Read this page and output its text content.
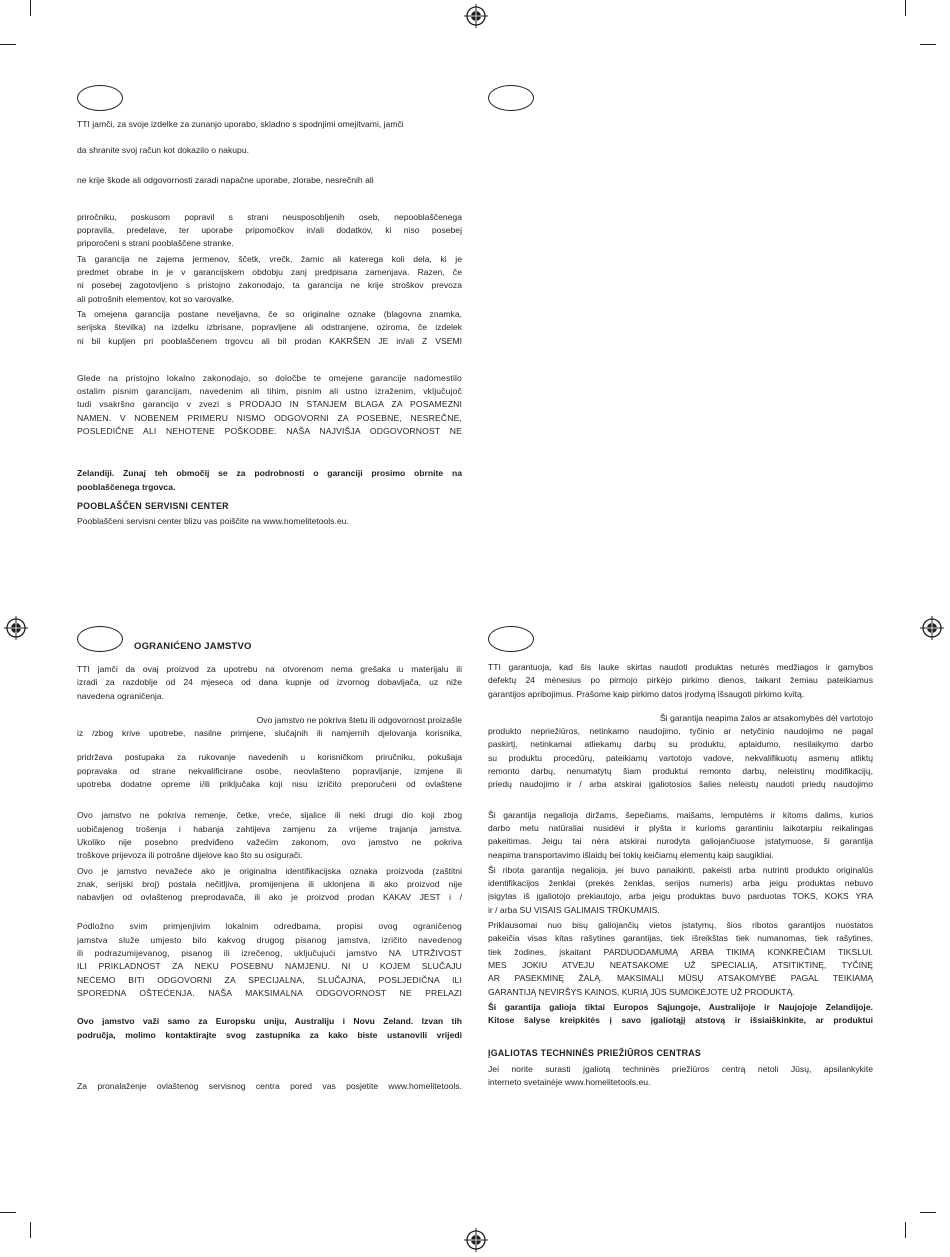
OGRANIĆENO JAMSTVO

TTI jamči, za svoje izdelke za zunanjo uporabo, skladno s spodnjimi omejitvami, jamči

da shranite svoj račun kot dokazilo o nakupu.

ne krije škode ali odgovornosti zaradi napačne uporabe, zlorabe, nesrečnih ali

priročniku, poskusom popravil s strani neusposobljenih oseb, nepooblaščenega
popravila, predelave, ter uporabe pripomočkov in/ali dodatkov, ki niso posebej

priporočeni s strani pooblaščene stranke.

Ta garancija ne zajema jermenov, ščetk, vrečk, žarnic ali katerega koli dela, ki je
predmet obrabe in je v garancijskem obdobju zanj predpisana zamenjava. Razen, če
ni posebej zagotovljeno s pristojno zakonodajo, ta garancija ne krije stroškov prevoza

ali potrošnih elementov, kot so varovalke.

Ta omejena garancija postane neveljavna, če so originalne oznake (blagovna znamka,
serijska številka) na izdelku izbrisane, popravljene ali odstranjene, oziroma, če izdelek
ni bil kupljen pri pooblaščenem trgovcu ali bil prodan KAKRŠEN JE in/ali Z VSEMI

Glede na pristojno lokalno zakonodajo, so določbe te omejene garancije nadomestilo
ostalim pisnim garancijam, navedenim ali tihim, pisnim ali ustno izraženim, vključujoč
tudi vsakršno garancijo v zvezi s PRODAJO IN STANJEM BLAGA ZA POSAMEZNI
NAMEN. V NOBENEM PRIMERU NISMO ODGOVORNI ZA POSEBNE, NESREČNE,
POSLEDIČNE ALI NEHOTENE POŠKODBE. NAŠA NAJVIŠJA ODGOVORNOST NE

Zelandiji. Zunaj teh območij se za podrobnosti o garanciji prosimo obrnite na

pooblaščenega trgovca.

POOBLAŠČEN SERVISNI CENTER

Pooblaščeni servisni center blizu vas poiščite na www.homelitetools.eu.

TTI jamči da ovaj proizvod za upotrebu na otvorenom nema grešaka u materijalu ili
izradi za razdoblje od 24 mjeseca od dana kupnje od izvornog dobavljača, uz niže

navedena ograničenja.

Ovo jamstvo ne pokriva štetu ili odgovornost proizašle

iz /zbog krive upotrebe, nasilne primjene, slučajnih ili namjernih djelovanja korisnika,

pridržava postupaka za rukovanje navedenih u korisničkom priručniku, pokušaja
popravaka od strane nekvalificirane osobe, neovlašteno popravljanje, izmjene ili
upotreba dodatne opreme i/ili priključaka koji nisu izričito preporučeni od ovlaštene

Ovo jamstvo ne pokriva remenje, četke, vreće, sijalice ili neki drugi dio koji zbog
uobičajenog trošenja i habanja zahtijeva zamjenu za vrijeme trajanja jamstva.
Ukoliko nije posebno predviđeno važećim zakonom, ovo jamstvo ne pokriva

troškove prijevoza ili potrošne dijelove kao što su osigurači.

Ovo je jamstvo nevažeće ako je originalna identifikacijska oznaka proizvoda (zaštitni
znak, serijski broj) postala nečitljiva, promijenjena ili uklonjena ili ako proizvod nije
nabavljen od ovlaštenog preprodavača, ili ako je proizvod prodan KAKAV JEST i /

Podložno svim primjenjivim lokalnim odredbama, propisi ovog ograničenog
jamstva služe umjesto bilo kakvog drugog pisanog jamstva, izričito navedenog
ili podrazumijevanog, pisanog ili izrečenog, uključujući jamstvo NA UTRŽIVOST
ILI PRIKLADNOST ZA NEKU POSEBNU NAMJENU. NI U KOJEM SLUČAJU
NEĆEMO BITI ODGOVORNI ZA SPECIJALNA, SLUČAJNA, POSLJEDIČNA ILI
SPOREDNA OŠTEĆENJA. NAŠA MAKSIMALNA ODGOVORNOST NE PRELAZI

Ovo jamstvo važi samo za Europsku uniju, Australiju i Novu Zeland. Izvan tih
područja, molimo kontaktirajte svog zastupnika za kako biste ustanovili vrijedi

Za pronalaženje ovlaštenog servisnog centra pored vas posjetite www.homelitetools.

TTI garantuoja, kad šis lauke skirtas naudoti produktas neturės medžiagos ir gamybos
defektų 24 mėnesius po pirmojo pirkėjo pirkimo dienos, taikant žemiau pateikiamus

garantijos apribojimus. Prašome kaip pirkimo datos įrodymą išsaugoti pirkimo kvitą.

Ši garantija neapima žalos ar atsakomybės dėl vartotojo

produkto nepriežiūros, netinkamo naudojimo, tyčinio ar netyčinio naudojimo ne pagal
paskirtį, netinkamai atliekamų darbų su produktu, aplaidumo, nesilaikymo darbo
su produktu procedūrų, pateikiamų vartotojo vadove, nekvalifikuotų asmenų atliktų
remonto darbų, nenumatytų šiam produktui remonto darbų, neleistinų modifikacijų,
priedų naudojimo ir / arba atskirai įgaliotosios šalies neleistų naudoti priedų naudojimo

Ši garantija negalioja diržams, šepečiams, maišams, lemputėms ir kitoms dalims, kurios
darbo metu natūraliai nusidėvi ir plyšta ir kurioms garantiniu laikotarpiu reikalingas
pakeitimas. Jeigu tai nėra atskirai nurodyta galiojančiuose įstatymuose, ši garantija

neapima transportavimo išlaidų bei tokių keičiamų elementų kaip saugikliai.

Ši ribota garantija negalioja, jei buvo panaikinti, pakeisti arba nutrinti produkto originalūs
identifikacijos ženklai (prekės ženklas, serijos numeris) arba jeigu produktas nebuvo
įsigytas iš įgaliotojo prekiautojo, arba jeigu produktas buvo parduotas TOKS, KOKS YRA

ir / arba SU VISAIS GALIMAIS TRŪKUMAIS.

Priklausomai nuo bisų galiojančių vietos įstatymų, šios ribotos garantijos nuostatos
pakeičia visas kitas rašytines garantijas, tiek išreikštas tiek numanomas, tiek rašytines,
tiek žodines, įskaitant PARDUODAMUMĄ ARBA TIKIMĄ KONKREČIAM TIKSLUI.
MES JOKIU ATVEJU NEATSAKOME UŽ SPECIALIĄ, ATSITIKTINĘ, TYČINĘ
AR PASEKMINĘ ŽALĄ. MAKSIMALI MŪSŲ ATSAKOMYBĖ PAGAL TEIKIAMĄ

GARANTIJĄ NEVIRŠYS KAINOS, KURIĄ JŪS SUMOKĖJOTE UŽ PRODUKTĄ.

Ši garantija galioja tiktai Europos Sąjungoje, Australijoje ir Naujojoje Zelandijoje.
Kitose šalyse kreipkitės į savo įgaliotąjį atstovą ir išsiaiškinkite, ar produktui

ĮGALIOTAS TECHNINĖS PRIEŽIŪROS CENTRAS

Jei norite surasti įgaliotą techninės priežiūros centrą netoli Jūsų, apsilankykite

interneto svetainėje www.homelitetools.eu.
